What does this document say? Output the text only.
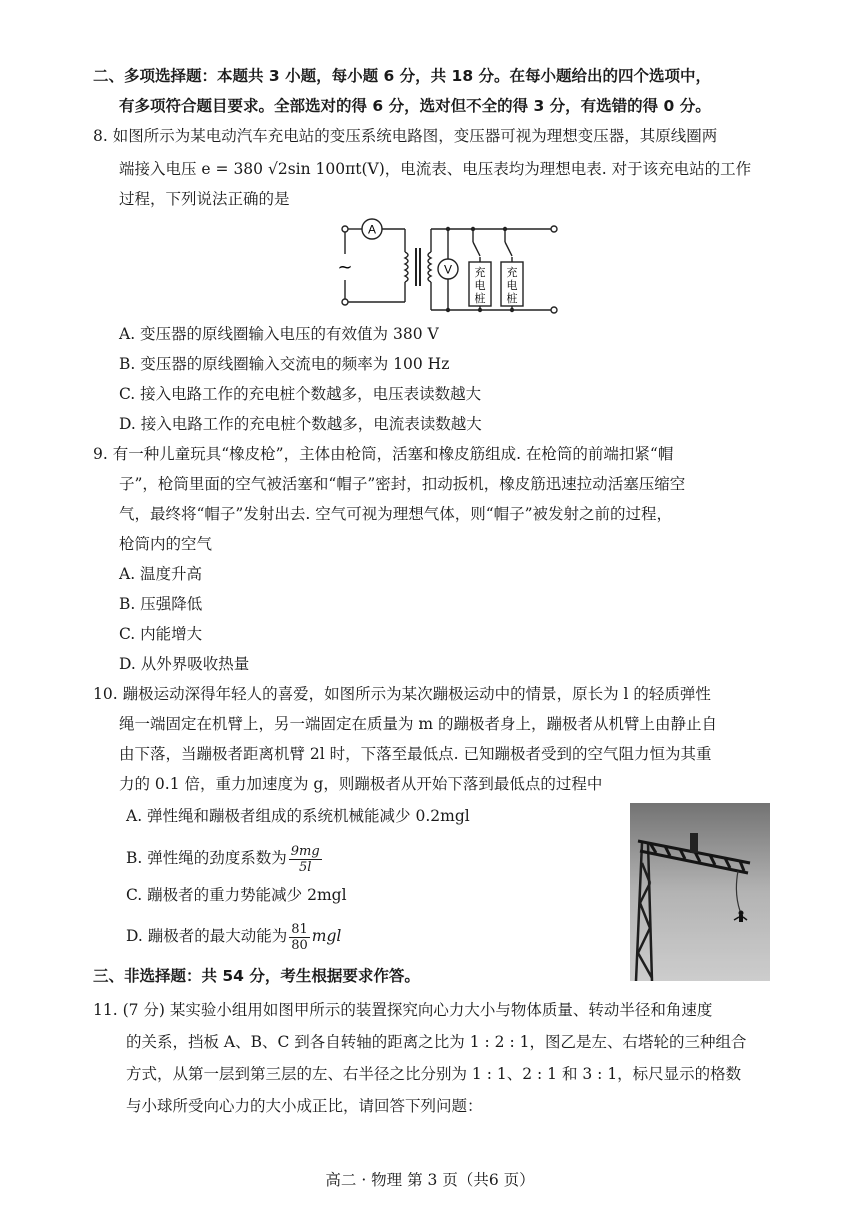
二、多项选择题：本题共 3 小题，每小题 6 分，共 18 分。在每小题给出的四个选项中，
有多项符合题目要求。全部选对的得 6 分，选对但不全的得 3 分，有选错的得 0 分。
8. 如图所示为某电动汽车充电站的变压系统电路图，变压器可视为理想变压器，其原线圈两
端接入电压 e = 380 √2sin 100πt(V)，电流表、电压表均为理想电表. 对于该充电站的工作
过程，下列说法正确的是
A
V
~	充
电
桩
充
电
桩
A. 变压器的原线圈输入电压的有效值为 380 V
B. 变压器的原线圈输入交流电的频率为 100 Hz
C. 接入电路工作的充电桩个数越多，电压表读数越大
D. 接入电路工作的充电桩个数越多，电流表读数越大
9. 有一种儿童玩具“橡皮枪”，主体由枪筒，活塞和橡皮筋组成. 在枪筒的前端扣紧“帽
子”，枪筒里面的空气被活塞和“帽子”密封，扣动扳机，橡皮筋迅速拉动活塞压缩空
气，最终将“帽子”发射出去. 空气可视为理想气体，则“帽子”被发射之前的过程，
枪筒内的空气
A. 温度升高
B. 压强降低
C. 内能增大
D. 从外界吸收热量
10. 蹦极运动深得年轻人的喜爱，如图所示为某次蹦极运动中的情景，原长为 l 的轻质弹性
绳一端固定在机臂上，另一端固定在质量为 m 的蹦极者身上，蹦极者从机臂上由静止自
由下落，当蹦极者距离机臂 2l 时，下落至最低点. 已知蹦极者受到的空气阻力恒为其重
力的 0.1 倍，重力加速度为 g，则蹦极者从开始下落到最低点的过程中
A. 弹性绳和蹦极者组成的系统机械能减少 0.2mgl
B. 弹性绳的劲度系数为 $\frac{9mg}{5l}$
C. 蹦极者的重力势能减少 2mgl
D. 蹦极者的最大动能为 $\frac{81}{80}$ mgl
三、非选择题：共 54 分，考生根据要求作答。
11. (7 分) 某实验小组用如图甲所示的装置探究向心力大小与物体质量、转动半径和角速度
的关系，挡板 A、B、C 到各自转轴的距离之比为 1 : 2 : 1，图乙是左、右塔轮的三种组合
方式，从第一层到第三层的左、右半径之比分别为 1 : 1、2 : 1 和 3 : 1，标尺显示的格数
与小球所受向心力的大小成正比，请回答下列问题：
高二 · 物理 第 3 页（共6 页）
